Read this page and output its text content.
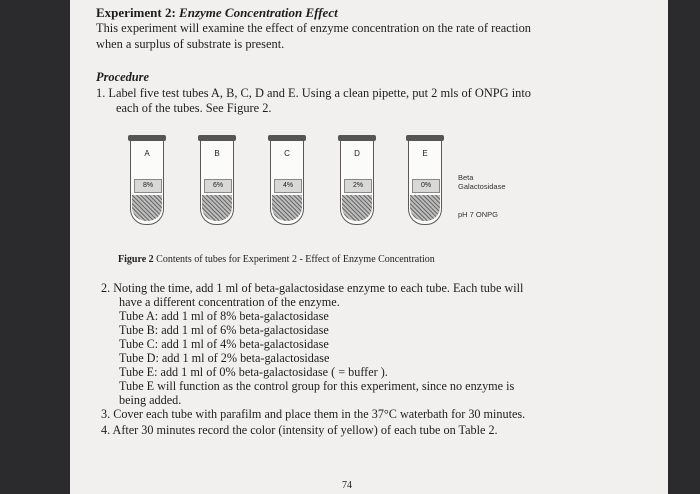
Experiment 2: Enzyme Concentration Effect
This experiment will examine the effect of enzyme concentration on the rate of reaction
when a surplus of substrate is present.
Procedure
1. Label five test tubes A, B, C, D and E. Using a clean pipette, put 2 mls of ONPG into
each of the tubes. See Figure 2.
A
8%
B
6%
C
4%
D
2%
E
0%
Beta
Galactosidase
pH 7 ONPG
Figure 2 Contents of tubes for Experiment 2 - Effect of Enzyme Concentration
2. Noting the time, add 1 ml of beta-galactosidase enzyme to each tube. Each tube will
have a different concentration of the enzyme.
Tube A: add 1 ml of 8% beta-galactosidase
Tube B: add 1 ml of 6% beta-galactosidase
Tube C: add 1 ml of 4% beta-galactosidase
Tube D: add 1 ml of 2% beta-galactosidase
Tube E: add 1 ml of 0% beta-galactosidase ( = buffer ).
Tube E will function as the control group for this experiment, since no enzyme is
being added.
3. Cover each tube with parafilm and place them in the 37°C waterbath for 30 minutes.
4. After 30 minutes record the color (intensity of yellow) of each tube on Table 2.
74
